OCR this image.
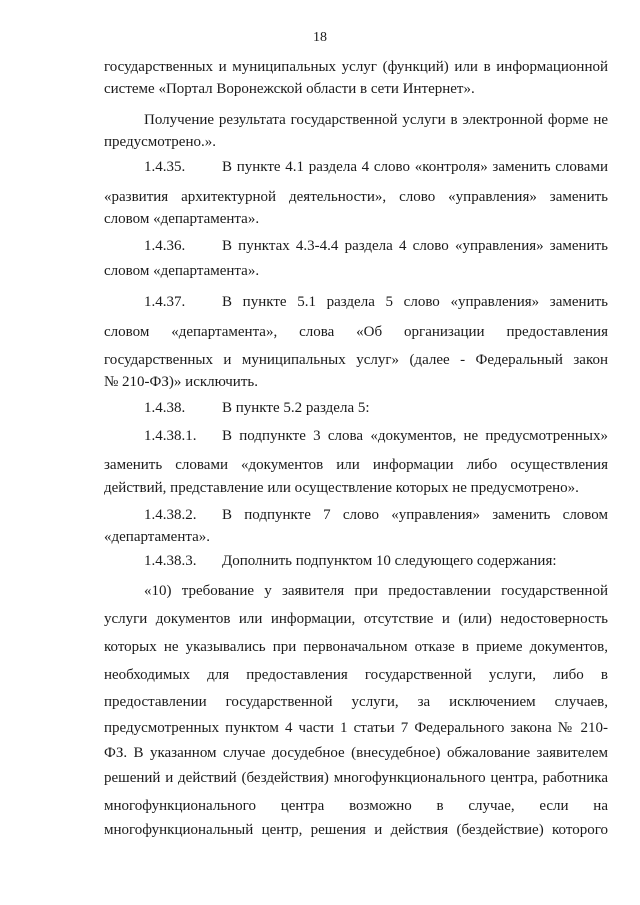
18
государственных и муниципальных услуг (функций) или в информационной
системе «Портал Воронежской области в сети Интернет».
Получение результата государственной услуги в электронной форме не
предусмотрено.».
1.4.35. В пункте 4.1 раздела 4 слово «контроля» заменить словами
«развития архитектурной деятельности», слово «управления» заменить
словом «департамента».
1.4.36. В пунктах 4.3-4.4 раздела 4 слово «управления» заменить
словом «департамента».
1.4.37. В пункте 5.1 раздела 5 слово «управления» заменить
словом «департамента», слова «Об организации предоставления
государственных и муниципальных услуг» (далее - Федеральный закон
№ 210-ФЗ)» исключить.
1.4.38. В пункте 5.2 раздела 5:
1.4.38.1. В подпункте 3 слова «документов, не предусмотренных»
заменить словами «документов или информации либо осуществления
действий, представление или осуществление которых не предусмотрено».
1.4.38.2. В подпункте 7 слово «управления» заменить словом
«департамента».
1.4.38.3. Дополнить подпунктом 10 следующего содержания:
«10) требование у заявителя при предоставлении государственной
услуги документов или информации, отсутствие и (или) недостоверность
которых не указывались при первоначальном отказе в приеме документов,
необходимых для предоставления государственной услуги, либо в
предоставлении государственной услуги, за исключением случаев,
предусмотренных пунктом 4 части 1 статьи 7 Федерального закона № 210-
ФЗ. В указанном случае досудебное (внесудебное) обжалование заявителем
решений и действий (бездействия) многофункционального центра, работника
многофункционального центра возможно в случае, если на
многофункциональный центр, решения и действия (бездействие) которого
